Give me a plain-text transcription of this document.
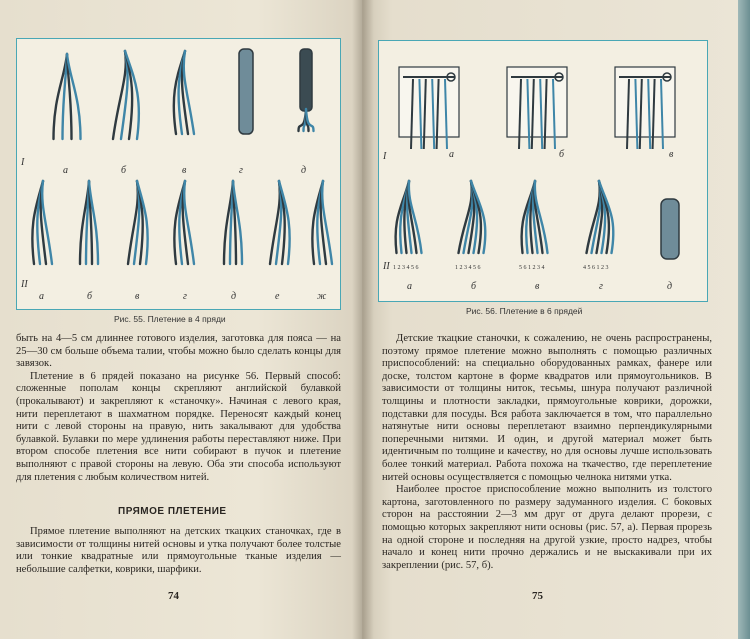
I
II
а	б	в	г	д
а	б	в	г	д	е	ж
Рис. 55. Плетение в 4 пряди

быть на 4—5 см длиннее готового изделия, заготовка для пояса — на 25—30 см больше объема талии, чтобы можно было сделать концы для завязок.

Плетение в 6 прядей показано на рисунке 56. Первый способ: сложенные пополам концы скрепляют английской булавкой (прокалывают) и закрепляют к «станочку». Начиная с левого края, нити переплетают в шахматном порядке. Переносят каждый конец нити с левой стороны на правую, нить закалывают для удобства булавкой. Булавки по мере удлинения работы переставляют ниже. При втором способе плетения все нити собирают в пучок и плетение выполняют с правой стороны на левую. Оба эти способа используют для плетения с любым количеством нитей.

ПРЯМОЕ ПЛЕТЕНИЕ

Прямое плетение выполняют на детских ткацких станочках, где в зависимости от толщины нитей основы и утка получают более толстые или тонкие квадратные или прямоугольные тканые изделия — небольшие салфетки, коврики, шарфики.

74
I
II
а	б	в
а	б	в	г	д
1 2 3 4 5 6	1 2 3 4 5 6	5 6 1 2 3 4	4 5 6 1 2 3
Рис. 56. Плетение в 6 прядей

Детские ткацкие станочки, к сожалению, не очень распространены, поэтому прямое плетение можно выполнять с помощью различных приспособлений: на специально оборудованных рамках, фанере или доске, толстом картоне в форме квадратов или прямоугольников. В зависимости от толщины ниток, тесьмы, шнура получают различной толщины и плотности закладки, прямоугольные коврики, дорожки, подставки для посуды. Вся работа заключается в том, что параллельно натянутые нити основы переплетают взаимно перпендикулярными поперечными нитями. И один, и другой материал может быть идентичным по толщине и качеству, но для основы лучше использовать более тонкий материал. Работа похожа на ткачество, где переплетение нитей основы осуществляется с помощью челнока нитями утка.

Наиболее простое приспособление можно выполнить из толстого картона, заготовленного по размеру задуманного изделия. С боковых сторон на расстоянии 2—3 мм друг от друга делают прорези, с помощью которых закрепляют нити основы (рис. 57, а). Первая прорезь на одной стороне и последняя на другой узкие, просто надрез, чтобы начало и конец нити прочно держались и не выскакивали при их закреплении (рис. 57, б).

75
